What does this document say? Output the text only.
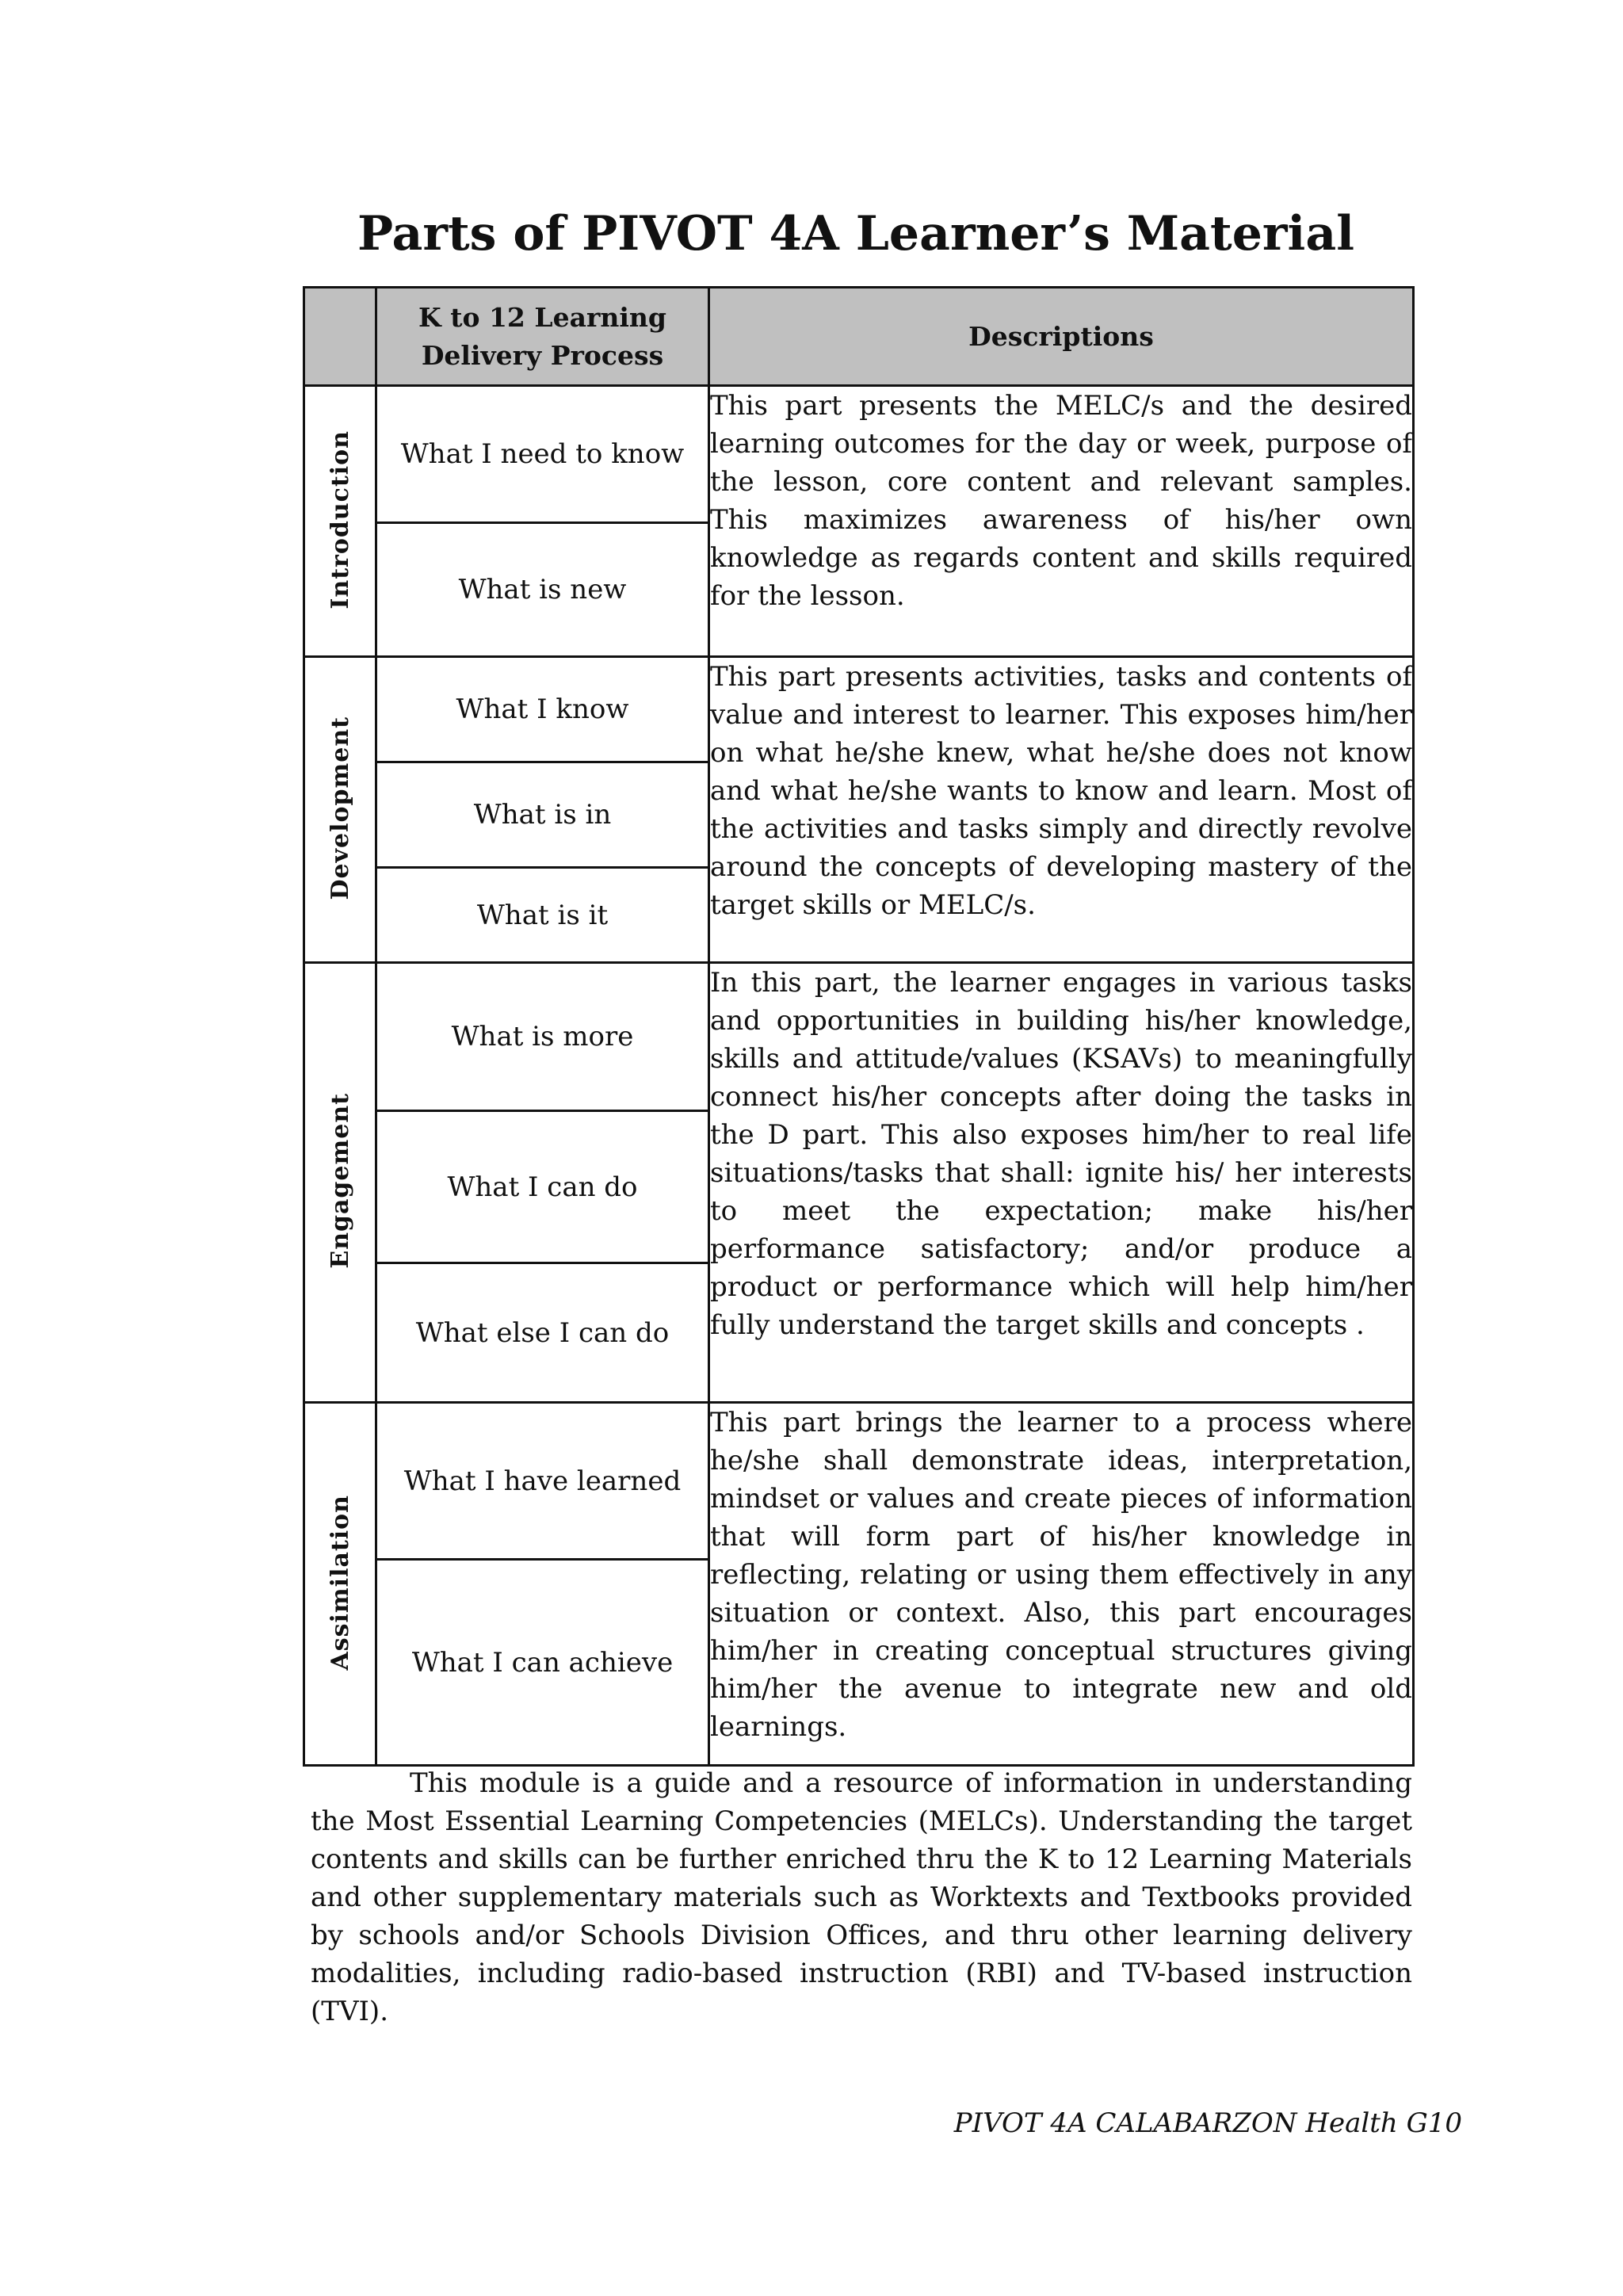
Parts of PIVOT 4A Learner’s Material
	K to 12 Learning Delivery Process	Descriptions
Introduction	What I need to know	This part presents the MELC/s and the desired learning outcomes for the day or week, purpose of the lesson, core content and relevant samples. This maximizes awareness of his/her own knowledge as regards content and skills required for the lesson.
	What is new	
Development	What I know	This part presents activities, tasks and contents of value and interest to learner. This exposes him/her on what he/she knew, what he/she does not know and what he/she wants to know and learn. Most of the activities and tasks simply and directly revolve around the concepts of developing mastery of the target skills or MELC/s.
	What is in	
	What is it	
Engagement	What is more	In this part, the learner engages in various tasks and opportunities in building his/her knowledge, skills and attitude/values (KSAVs) to meaningfully connect his/her concepts after doing the tasks in the D part. This also exposes him/her to real life situations/tasks that shall: ignite his/ her interests to meet the expectation; make his/her performance satisfactory; and/or produce a product or performance which will help him/her fully understand the target skills and concepts .
	What I can do	
	What else I can do	
Assimilation	What I have learned	This part brings the learner to a process where he/she shall demonstrate ideas, interpretation, mindset or values and create pieces of information that will form part of his/her knowledge in reflecting, relating or using them effectively in any situation or context. Also, this part encourages him/her in creating conceptual structures giving him/her the avenue to integrate new and old learnings.
	What I can achieve	

This module is a guide and a resource of information in understanding the Most Essential Learning Competencies (MELCs). Understanding the target contents and skills can be further enriched thru the K to 12 Learning Materials and other supplementary materials such as Worktexts and Textbooks provided by schools and/or Schools Division Offices, and thru other learning delivery modalities, including radio-based instruction (RBI) and TV-based instruction (TVI).

PIVOT 4A CALABARZON Health G10
